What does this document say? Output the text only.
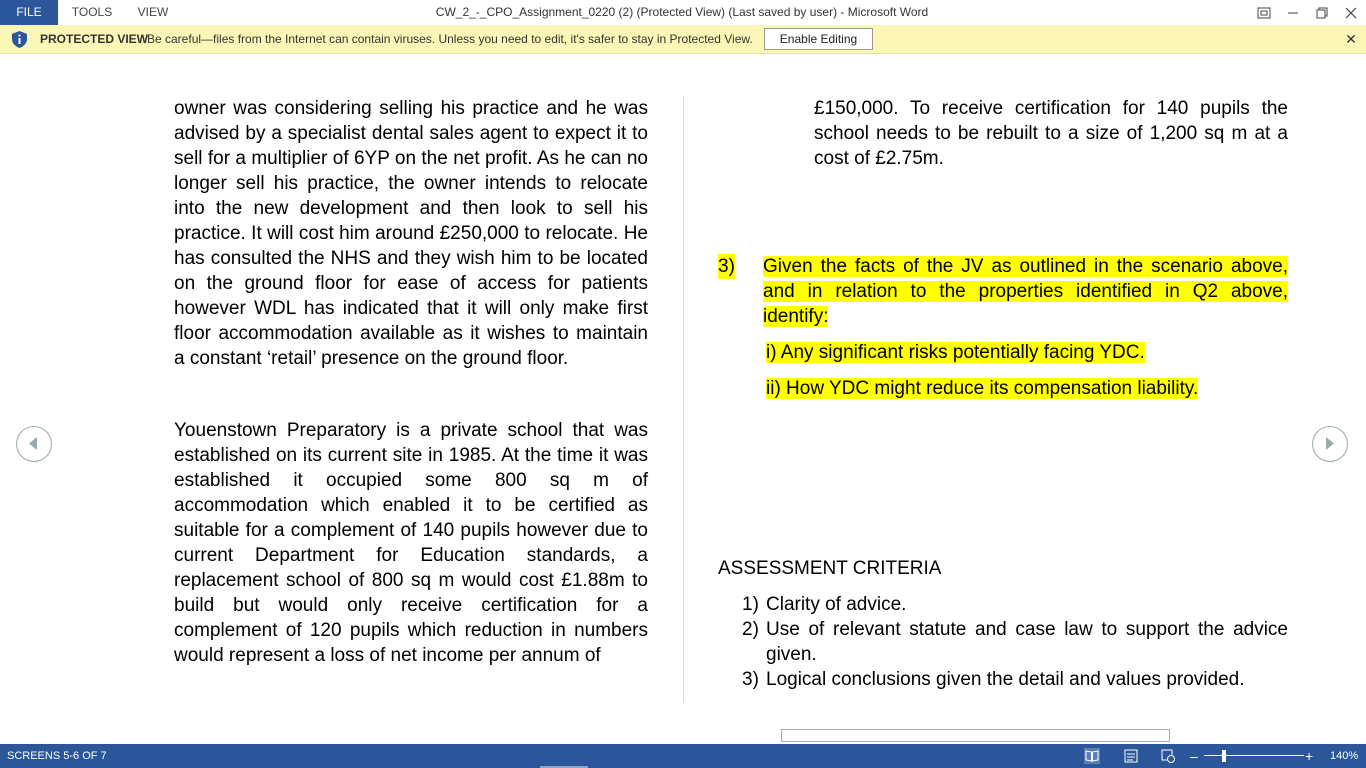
FILE	TOOLS	VIEW	CW_2_-_CPO_Assignment_0220 (2) (Protected View) (Last saved by user) - Microsoft Word
PROTECTED VIEW
Be careful—files from the Internet can contain viruses. Unless you need to edit, it's safer to stay in Protected View.	Enable Editing	✕

owner was considering selling his practice and he was advised by a specialist dental sales agent to expect it to sell for a multiplier of 6YP on the net profit. As he can no longer sell his practice, the owner intends to relocate into the new development and then look to sell his practice. It will cost him around £250,000 to relocate. He has consulted the NHS and they wish him to be located on the ground floor for ease of access for patients however WDL has indicated that it will only make first floor accommodation available as it wishes to maintain a constant ‘retail’ presence on the ground floor.

Youenstown Preparatory is a private school that was established on its current site in 1985. At the time it was established it occupied some 800 sq m of accommodation which enabled it to be certified as suitable for a complement of 140 pupils however due to current Department for Education standards, a replacement school of 800 sq m would cost £1.88m to build but would only receive certification for a complement of 120 pupils which reduction in numbers would represent a loss of net income per annum of

£150,000. To receive certification for 140 pupils the school needs to be rebuilt to a size of 1,200 sq m at a cost of £2.75m.

3) Given the facts of the JV as outlined in the scenario above, and in relation to the properties identified in Q2 above, identify:
i) Any significant risks potentially facing YDC.
ii) How YDC might reduce its compensation liability.
ASSESSMENT CRITERIA
1) Clarity of advice.
2) Use of relevant statute and case law to support the advice given.
3) Logical conclusions given the detail and values provided.
SCREENS 5-6 OF 7	–	+ 140%
